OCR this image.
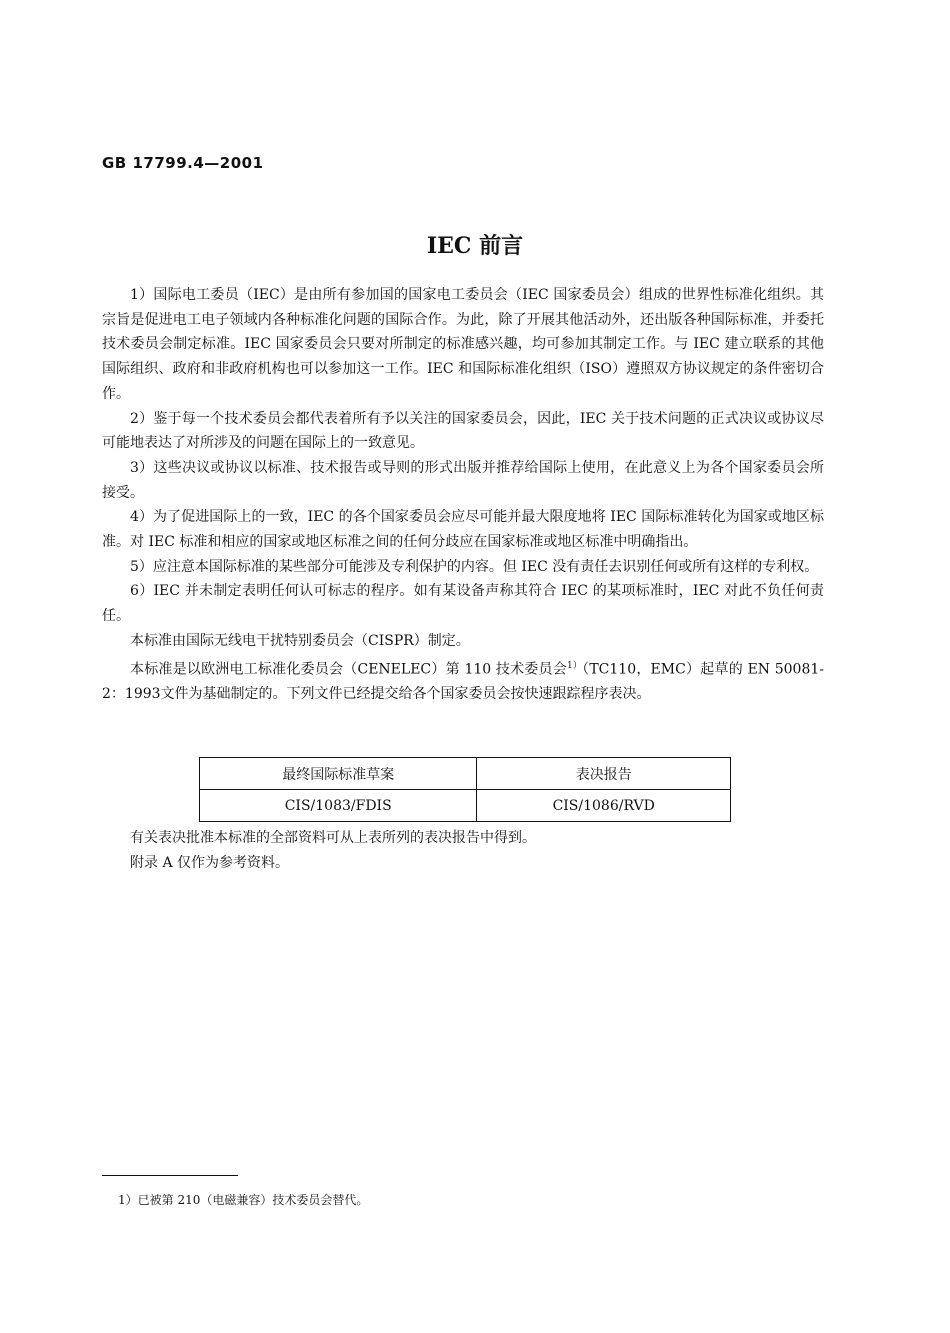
GB 17799.4—2001
IEC 前言

1）国际电工委员（IEC）是由所有参加国的国家电工委员会（IEC 国家委员会）组成的世界性标准化组织。其宗旨是促进电工电子领域内各种标准化问题的国际合作。为此，除了开展其他活动外，还出版各种国际标准，并委托技术委员会制定标准。IEC 国家委员会只要对所制定的标准感兴趣，均可参加其制定工作。与 IEC 建立联系的其他国际组织、政府和非政府机构也可以参加这一工作。IEC 和国际标准化组织（ISO）遵照双方协议规定的条件密切合作。

2）鉴于每一个技术委员会都代表着所有予以关注的国家委员会，因此，IEC 关于技术问题的正式决议或协议尽可能地表达了对所涉及的问题在国际上的一致意见。

3）这些决议或协议以标准、技术报告或导则的形式出版并推荐给国际上使用，在此意义上为各个国家委员会所接受。

4）为了促进国际上的一致，IEC 的各个国家委员会应尽可能并最大限度地将 IEC 国际标准转化为国家或地区标准。对 IEC 标准和相应的国家或地区标准之间的任何分歧应在国家标准或地区标准中明确指出。

5）应注意本国际标准的某些部分可能涉及专利保护的内容。但 IEC 没有责任去识别任何或所有这样的专利权。

6）IEC 并未制定表明任何认可标志的程序。如有某设备声称其符合 IEC 的某项标准时，IEC 对此不负任何责任。

本标准由国际无线电干扰特别委员会（CISPR）制定。

本标准是以欧洲电工标准化委员会（CENELEC）第 110 技术委员会$^{1)}$（TC110，EMC）起草的 EN 50081-2：1993文件为基础制定的。下列文件已经提交给各个国家委员会按快速跟踪程序表决。

最终国际标准草案	表决报告
CIS/1083/FDIS	CIS/1086/RVD

有关表决批准本标准的全部资料可从上表所列的表决报告中得到。

附录 A 仅作为参考资料。

1）已被第 210（电磁兼容）技术委员会替代。
